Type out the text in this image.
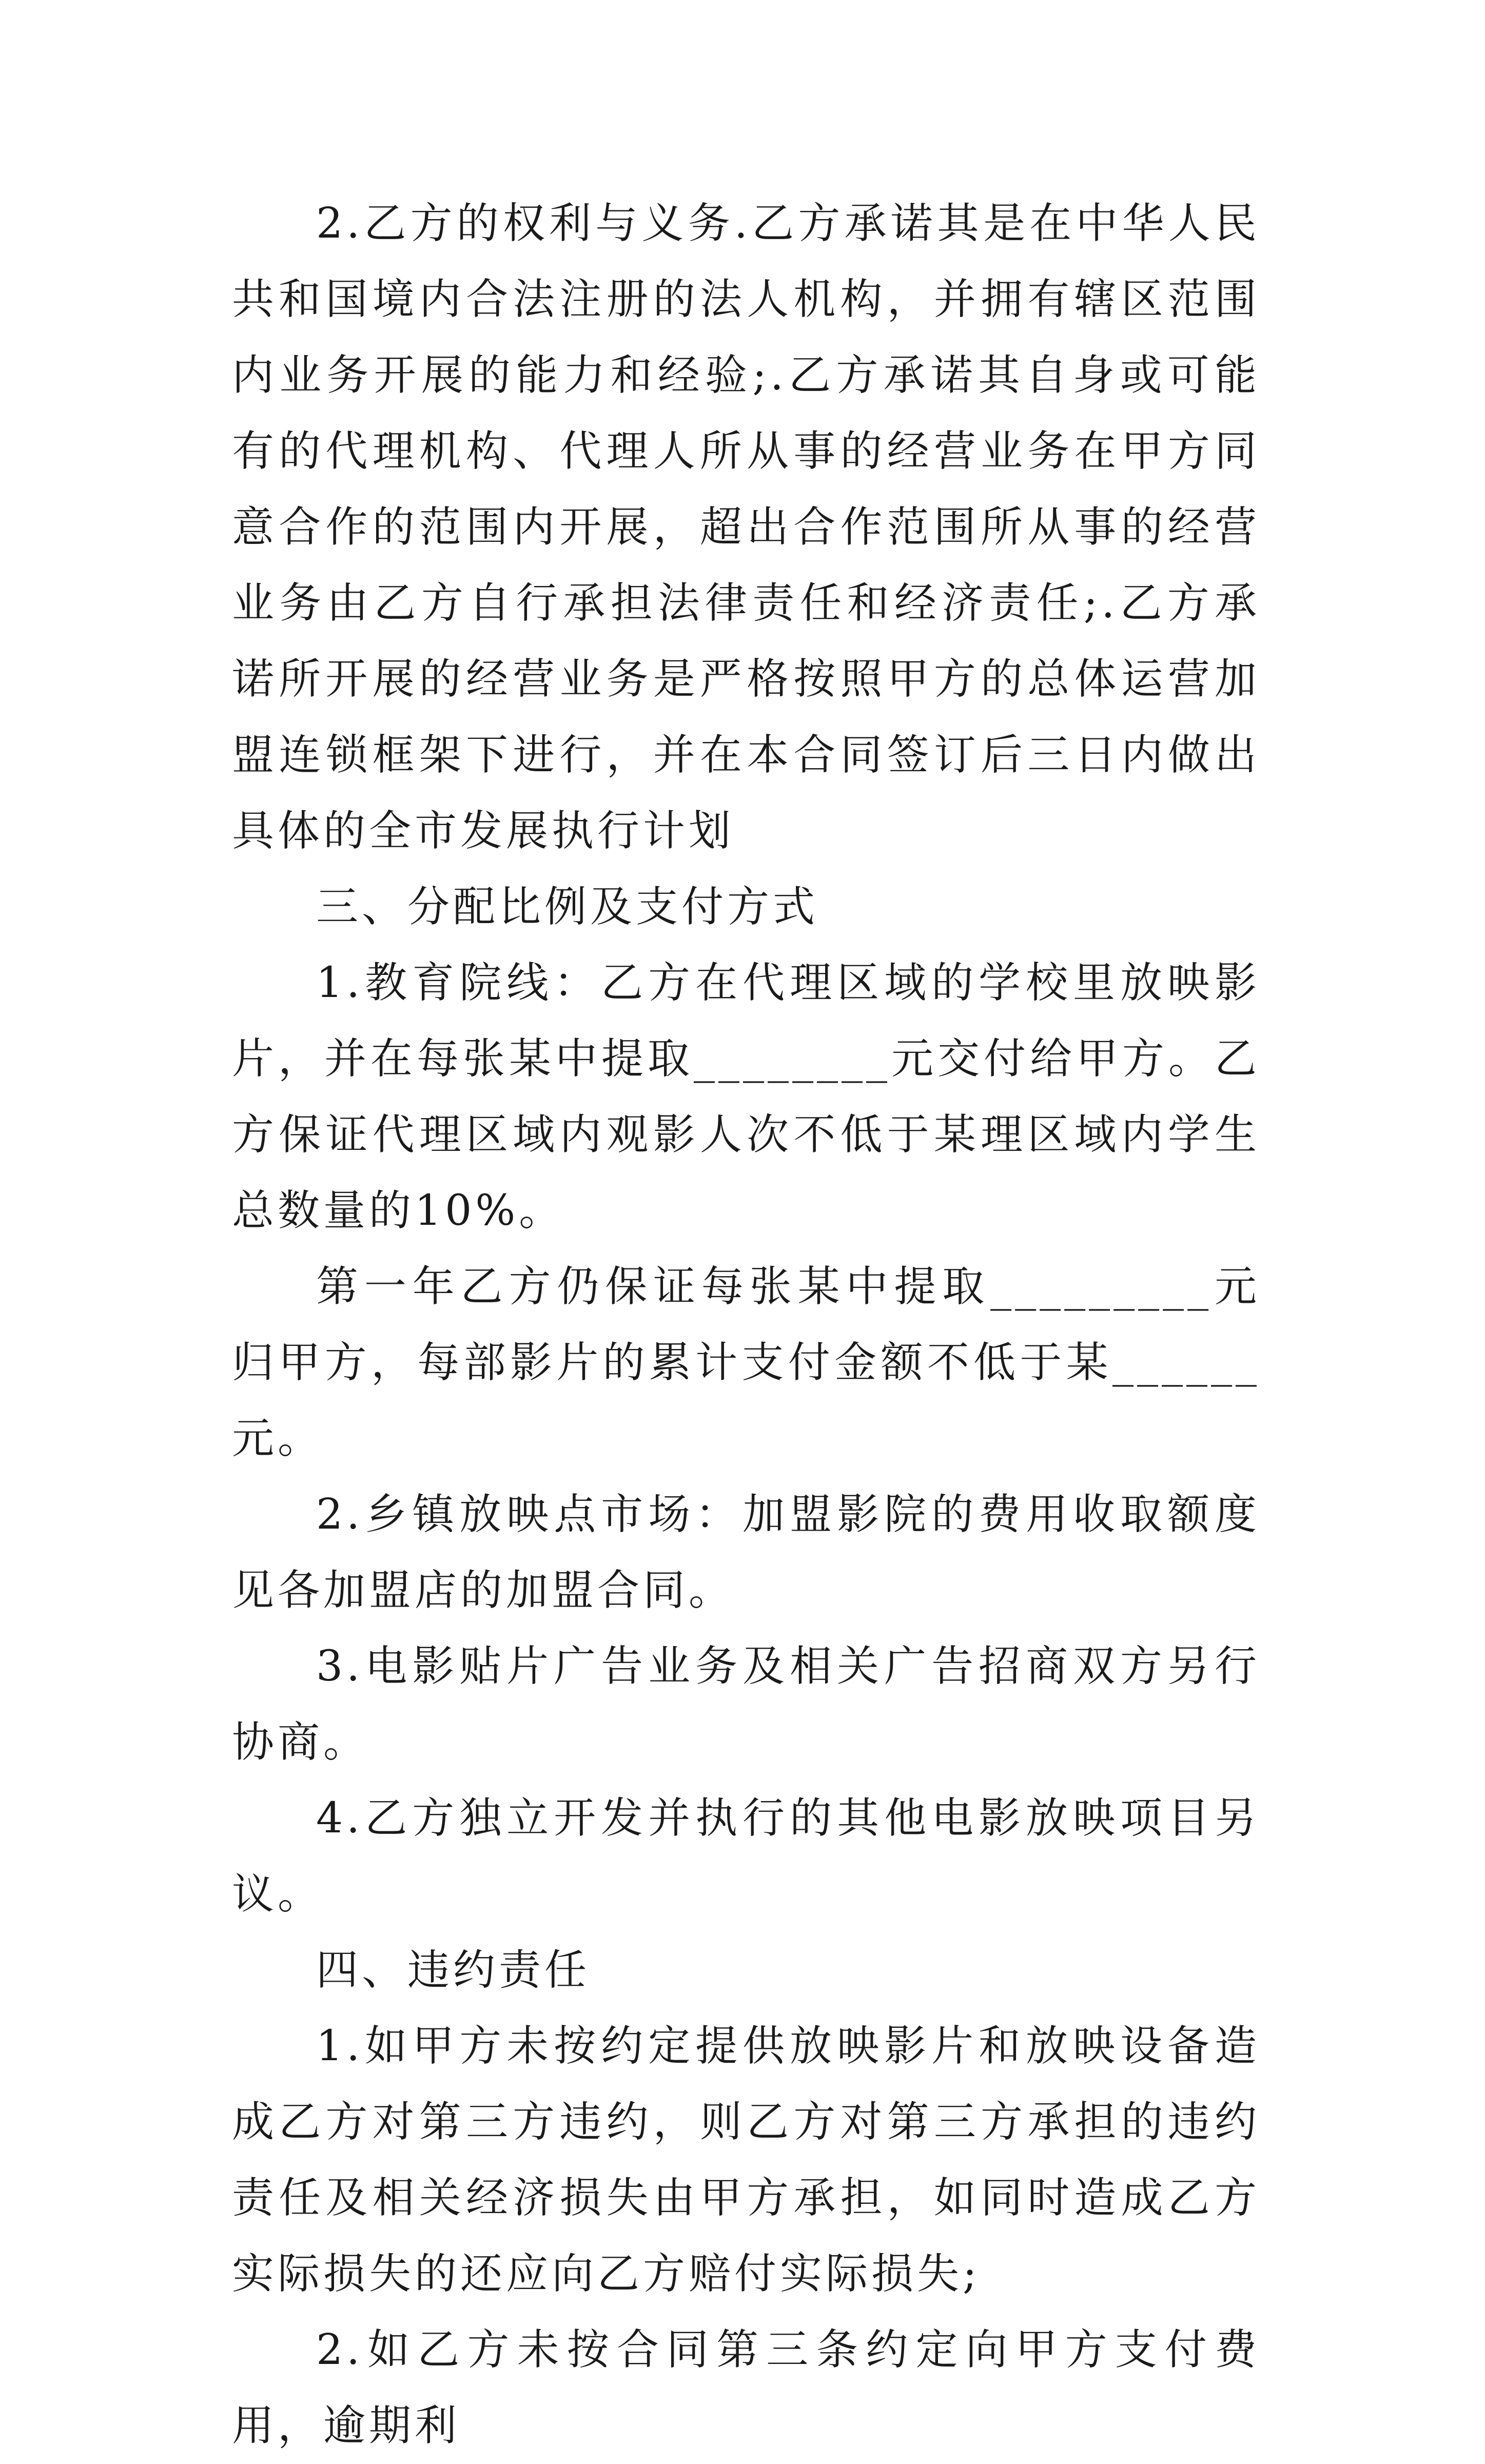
2.乙方的权利与义务.乙方承诺其是在中华人民共和国境内合法注册的法人机构，并拥有辖区范围内业务开展的能力和经验;.乙方承诺其自身或可能有的代理机构、代理人所从事的经营业务在甲方同意合作的范围内开展，超出合作范围所从事的经营业务由乙方自行承担法律责任和经济责任;.乙方承诺所开展的经营业务是严格按照甲方的总体运营加盟连锁框架下进行，并在本合同签订后三日内做出具体的全市发展执行计划

三、分配比例及支付方式

1.教育院线：乙方在代理区域的学校里放映影片，并在每张某中提取________元交付给甲方。乙方保证代理区域内观影人次不低于某理区域内学生总数量的10%。

第一年乙方仍保证每张某中提取_________元归甲方，每部影片的累计支付金额不低于某______元。

2.乡镇放映点市场：加盟影院的费用收取额度见各加盟店的加盟合同。

3.电影贴片广告业务及相关广告招商双方另行协商。

4.乙方独立开发并执行的其他电影放映项目另议。

四、违约责任

1.如甲方未按约定提供放映影片和放映设备造成乙方对第三方违约，则乙方对第三方承担的违约责任及相关经济损失由甲方承担，如同时造成乙方实际损失的还应向乙方赔付实际损失;

2.如乙方未按合同第三条约定向甲方支付费用，逾期利
